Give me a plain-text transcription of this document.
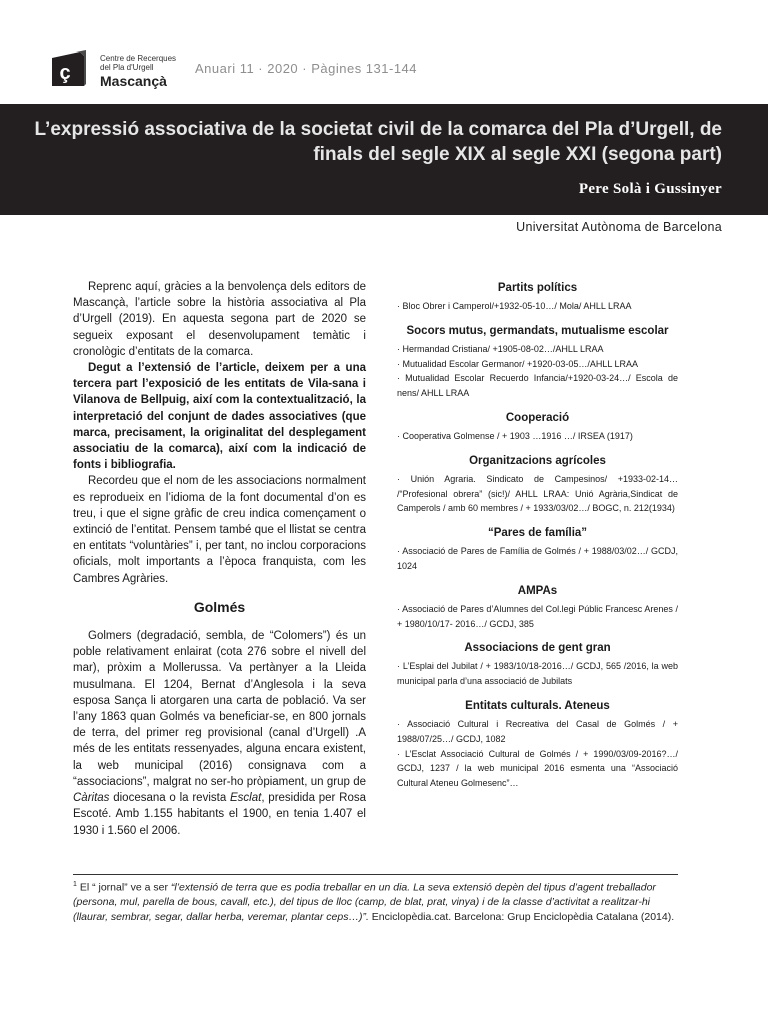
ç
Centre de Recerques
del Pla d'Urgell
Mascançà
Anuari 11 · 2020 · Pàgines 131-144
L’expressió associativa de la societat civil de la comarca del Pla d’Urgell, de finals del segle XIX al segle XXI (segona part)
Pere Solà i Gussinyer
Universitat Autònoma de Barcelona

Reprenc aquí, gràcies a la benvolença dels editors de Mascançà, l’article sobre la història associativa al Pla d’Urgell (2019). En aquesta segona part de 2020 se segueix exposant el desenvolupament temàtic i cronològic d’entitats de la comarca.

Degut a l’extensió de l’article, deixem per a una tercera part l’exposició de les entitats de Vila-sana i Vilanova de Bellpuig, així com la contextualització, la interpretació del conjunt de dades associatives (que marca, precisament, la originalitat del desplegament associatiu de la comarca), així com la indicació de fonts i bibliografia.

Recordeu que el nom de les associacions normalment es reprodueix en l’idioma de la font documental d’on es treu, i que el signe gràfic de creu indica començament o extinció de l’entitat. Pensem també que el llistat se centra en entitats “voluntàries” i, per tant, no inclou corporacions oficials, molt importants a l’època franquista, com les Cambres Agràries.

Golmés

Golmers (degradació, sembla, de “Colomers”) és un poble relativament enlairat (cota 276 sobre el nivell del mar), pròxim a Mollerussa. Va pertànyer a la Lleida musulmana. El 1204, Bernat d’Anglesola i la seva esposa Sança li atorgaren una carta de població. Va ser l’any 1863 quan Golmés va beneficiar-se, en 800 jornals de terra, del primer reg provisional (canal d’Urgell) .A més de les entitats ressenyades, alguna encara existent, la web municipal (2016) consignava com a “associacions”, malgrat no ser-ho pròpiament, un grup de Càritas diocesana o la revista Esclat, presidida per Rosa Escoté. Amb 1.155 habitants el 1900, en tenia 1.407 el 1930 i 1.560 el 2006.

Partits polítics

· Bloc Obrer i Camperol/+1932-05-10…/ Mola/ AHLL LRAA

Socors mutus, germandats, mutualisme escolar

· Hermandad Cristiana/ +1905-08-02…/AHLL LRAA

· Mutualidad Escolar Germanor/ +1920-03-05…/AHLL LRAA

· Mutualidad Escolar Recuerdo Infancia/+1920-03-24…/ Escola de nens/ AHLL LRAA

Cooperació

· Cooperativa Golmense / + 1903 …1916 …/ IRSEA (1917)

Organitzacions agrícoles

· Unión Agraria. Sindicato de Campesinos/ +1933-02-14… /“Profesional obrera” (sic!)/ AHLL LRAA: Unió Agrària,Sindicat de Camperols / amb 60 membres / + 1933/03/02…/ BOGC, n. 212(1934)

“Pares de família”

· Associació de Pares de Família de Golmés / + 1988/03/02…/ GCDJ, 1024

AMPAs

· Associació de Pares d’Alumnes del Col.legi Públic Francesc Arenes / + 1980/10/17- 2016…/ GCDJ, 385

Associacions de gent gran

· L’Esplai del Jubilat / + 1983/10/18-2016…/ GCDJ, 565 /2016, la web municipal parla d’una associació de Jubilats

Entitats culturals. Ateneus

· Associació Cultural i Recreativa del Casal de Golmés / + 1988/07/25…/ GCDJ, 1082

· L’Esclat Associació Cultural de Golmés / + 1990/03/09-2016?…/ GCDJ, 1237 / la web municipal 2016 esmenta una “Associació Cultural Ateneu Golmesenc”…

$^1$ El “ jornal” ve a ser “l’extensió de terra que es podia treballar en un dia. La seva extensió depèn del tipus d’agent treballador (persona, mul, parella de bous, cavall, etc.), del tipus de lloc (camp, de blat, prat, vinya) i de la classe d’activitat a realitzar-hi (llaurar, sembrar, segar, dallar herba, veremar, plantar ceps…)”. Enciclopèdia.cat. Barcelona: Grup Enciclopèdia Catalana (2014).
